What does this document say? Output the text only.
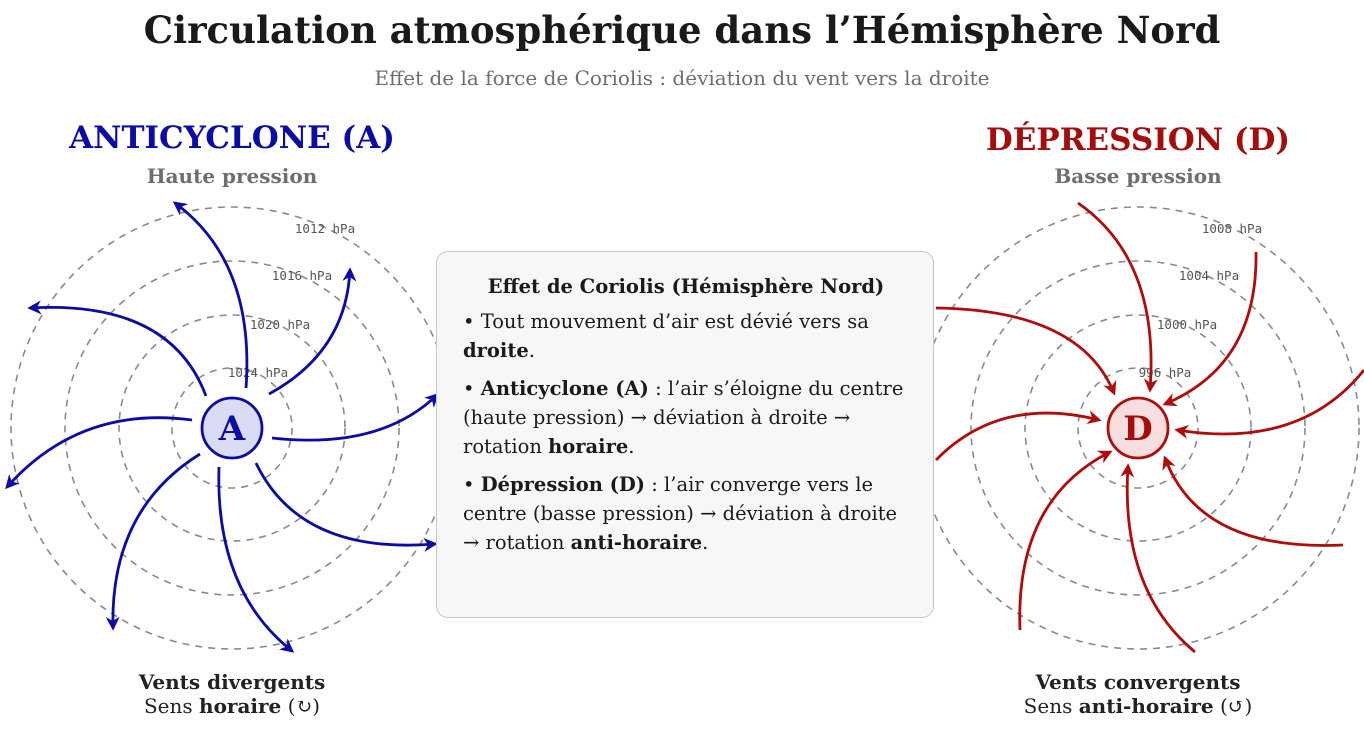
Circulation atmosphérique dans l’Hémisphère Nord
Effet de la force de Coriolis : déviation du vent vers la droite
ANTICYCLONE (A)
Haute pression
1024 hPa
1020 hPa
1016 hPa
1012 hPa
A
DÉPRESSION (D)
Basse pression
996 hPa
1000 hPa
1004 hPa
1008 hPa
D
Effet de Coriolis (Hémisphère Nord)
• Tout mouvement d’air est dévié vers sa droite.
• Anticyclone (A) : l’air s’éloigne du centre (haute pression) → déviation à droite → rotation horaire.
• Dépression (D) : l’air converge vers le centre (basse pression) → déviation à droite → rotation anti-horaire.
Vents divergents
Sens horaire (↻)
Vents convergents
Sens anti-horaire (↺)
